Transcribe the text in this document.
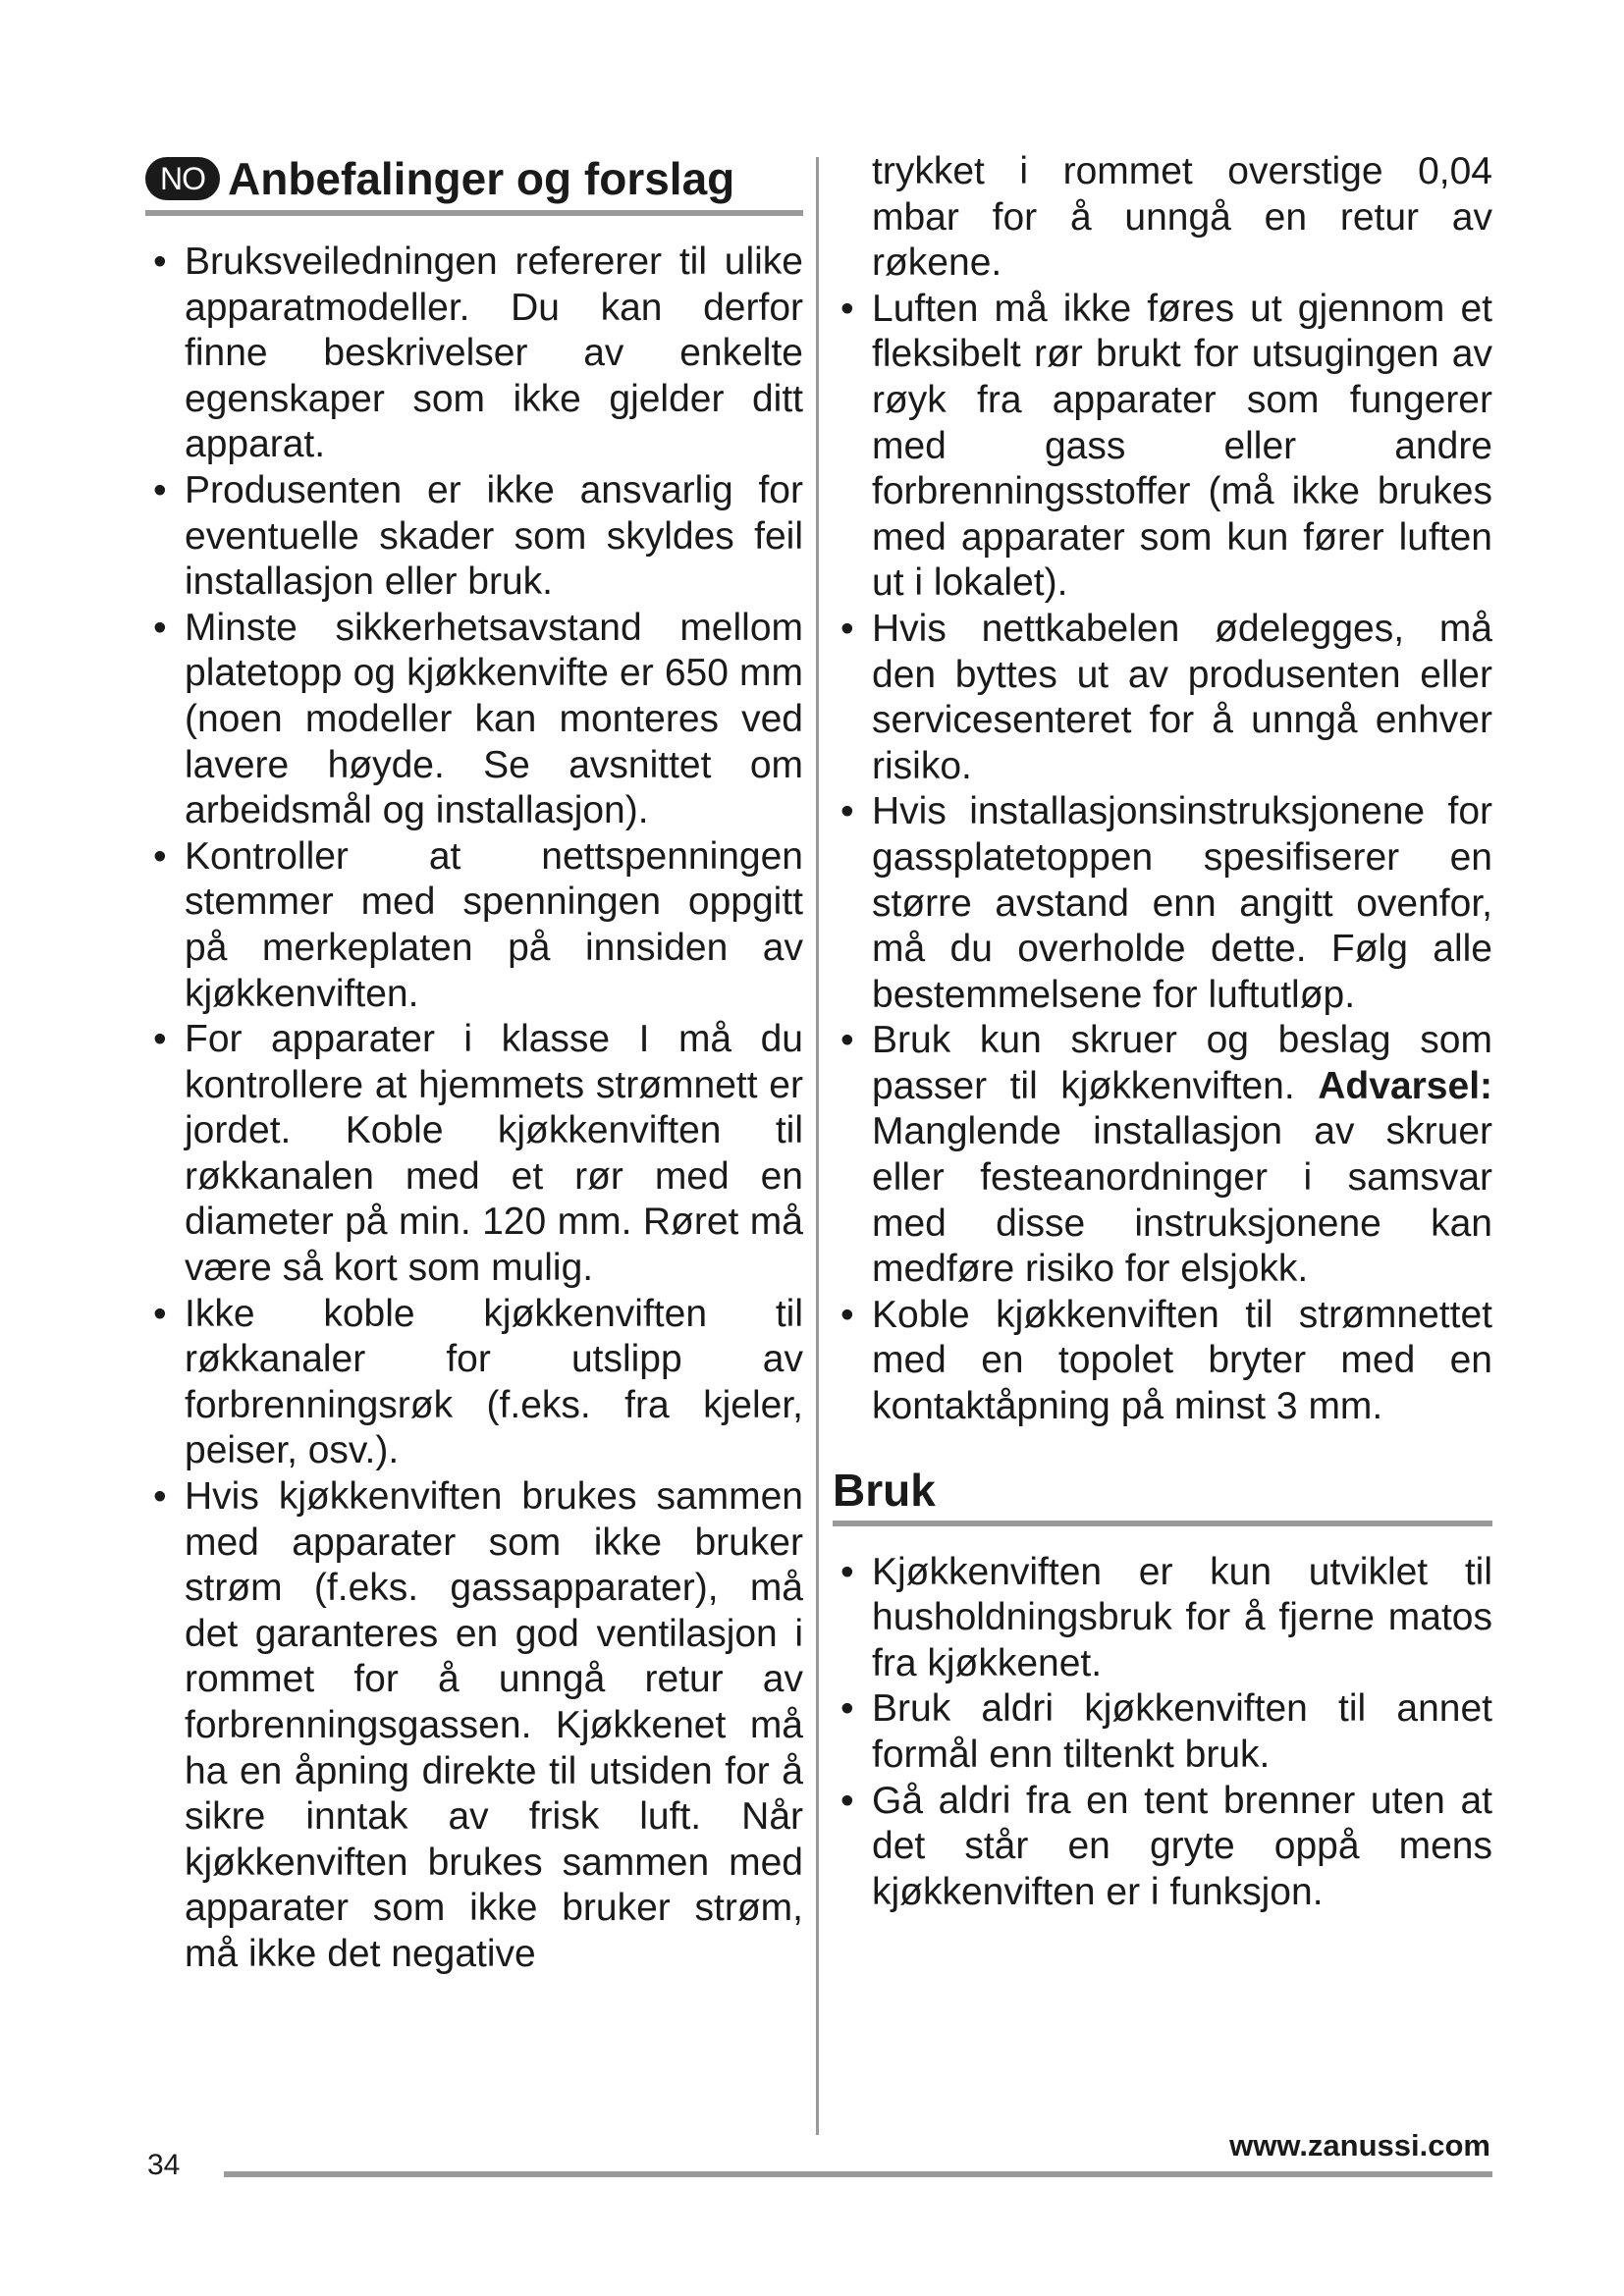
NO Anbefalinger og forslag
• Bruksveiledningen refererer til ulike apparatmodeller. Du kan derfor finne beskrivelser av enkelte egenskaper som ikke gjelder ditt apparat.
• Produsenten er ikke ansvarlig for eventuelle skader som skyldes feil installasjon eller bruk.
• Minste sikkerhetsavstand mellom platetopp og kjøkkenvifte er 650 mm (noen modeller kan monteres ved lavere høyde. Se avsnittet om arbeidsmål og installasjon).
• Kontroller at nettspenningen stemmer med spenningen oppgitt på merkeplaten på innsiden av kjøkkenviften.
• For apparater i klasse I må du kontrollere at hjemmets strømnett er jordet. Koble kjøkkenviften til røkkanalen med et rør med en diameter på min. 120 mm. Røret må være så kort som mulig.
• Ikke koble kjøkkenviften til røkkanaler for utslipp av forbrenningsrøk (f.eks. fra kjeler, peiser, osv.).
• Hvis kjøkkenviften brukes sammen med apparater som ikke bruker strøm (f.eks. gassapparater), må det garanteres en god ventilasjon i rommet for å unngå retur av forbrenningsgassen. Kjøkkenet må ha en åpning direkte til utsiden for å sikre inntak av frisk luft. Når kjøkkenviften brukes sammen med apparater som ikke bruker strøm, må ikke det negative

trykket i rommet overstige 0,04 mbar for å unngå en retur av røkene.

• Luften må ikke føres ut gjennom et fleksibelt rør brukt for utsugingen av røyk fra apparater som fungerer med gass eller andre forbrenningsstoffer (må ikke brukes med apparater som kun fører luften ut i lokalet).
• Hvis nettkabelen ødelegges, må den byttes ut av produsenten eller servicesenteret for å unngå enhver risiko.
• Hvis installasjonsinstruksjonene for gassplatetoppen spesifiserer en større avstand enn angitt ovenfor, må du overholde dette. Følg alle bestemmelsene for luftutløp.
• Bruk kun skruer og beslag som passer til kjøkkenviften. Advarsel: Manglende installasjon av skruer eller festeanordninger i samsvar med disse instruksjonene kan medføre risiko for elsjokk.
• Koble kjøkkenviften til strømnettet med en topolet bryter med en kontaktåpning på minst 3 mm.
Bruk
• Kjøkkenviften er kun utviklet til husholdningsbruk for å fjerne matos fra kjøkkenet.
• Bruk aldri kjøkkenviften til annet formål enn tiltenkt bruk.
• Gå aldri fra en tent brenner uten at det står en gryte oppå mens kjøkkenviften er i funksjon.
34
www.zanussi.com
